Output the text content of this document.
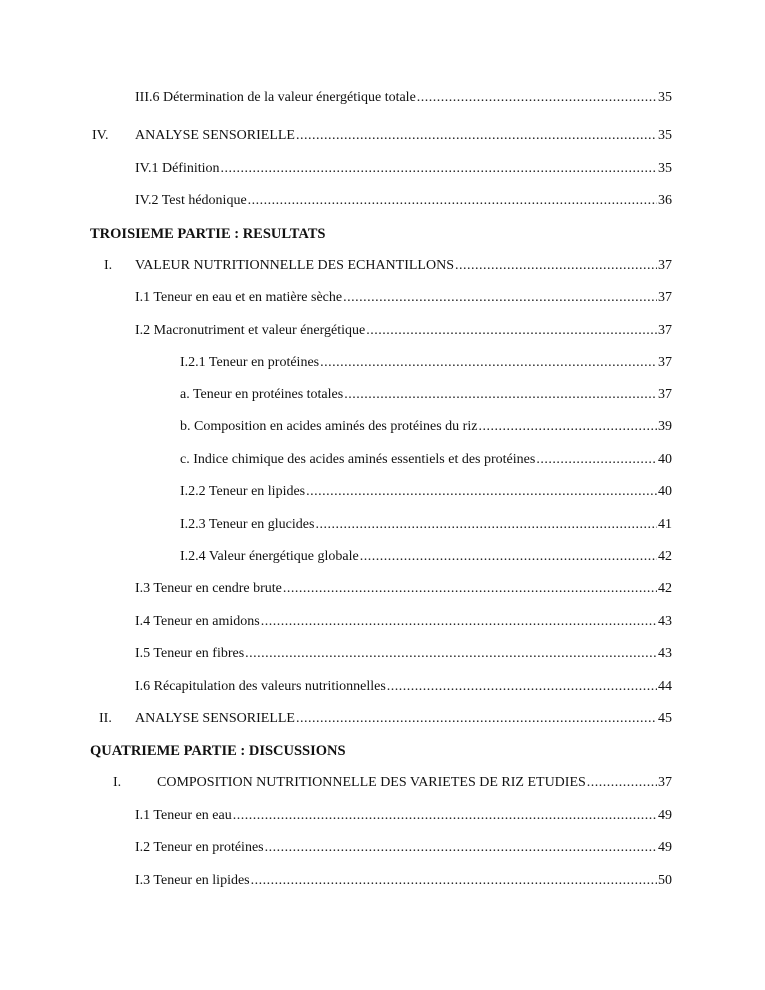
III.6 Détermination de la valeur énergétique totale .....	35
IV. ANALYSE SENSORIELLE .....	35
IV.1 Définition .....	35
IV.2 Test hédonique .....	36
TROISIEME PARTIE : RESULTATS
I. VALEUR NUTRITIONNELLE DES ECHANTILLONS .....	37
I.1 Teneur en eau et en matière sèche .....	37
I.2 Macronutriment et valeur énergétique .....	37
I.2.1 Teneur en protéines .....	37
a. Teneur en protéines totales .....	37
b. Composition en acides aminés des protéines du riz .....	39
c. Indice chimique des acides aminés essentiels et des protéines .....	40
I.2.2 Teneur en lipides .....	40
I.2.3 Teneur en glucides .....	41
I.2.4 Valeur énergétique globale .....	42
I.3 Teneur en cendre brute .....	42
I.4 Teneur en amidons .....	43
I.5 Teneur en fibres .....	43
I.6 Récapitulation des valeurs nutritionnelles .....	44
II. ANALYSE SENSORIELLE .....	45
QUATRIEME PARTIE : DISCUSSIONS
I.	COMPOSITION NUTRITIONNELLE DES VARIETES DE RIZ ETUDIES .....	37
I.1 Teneur en eau .....	49
I.2 Teneur en protéines .....	49
I.3 Teneur en lipides .....	50
